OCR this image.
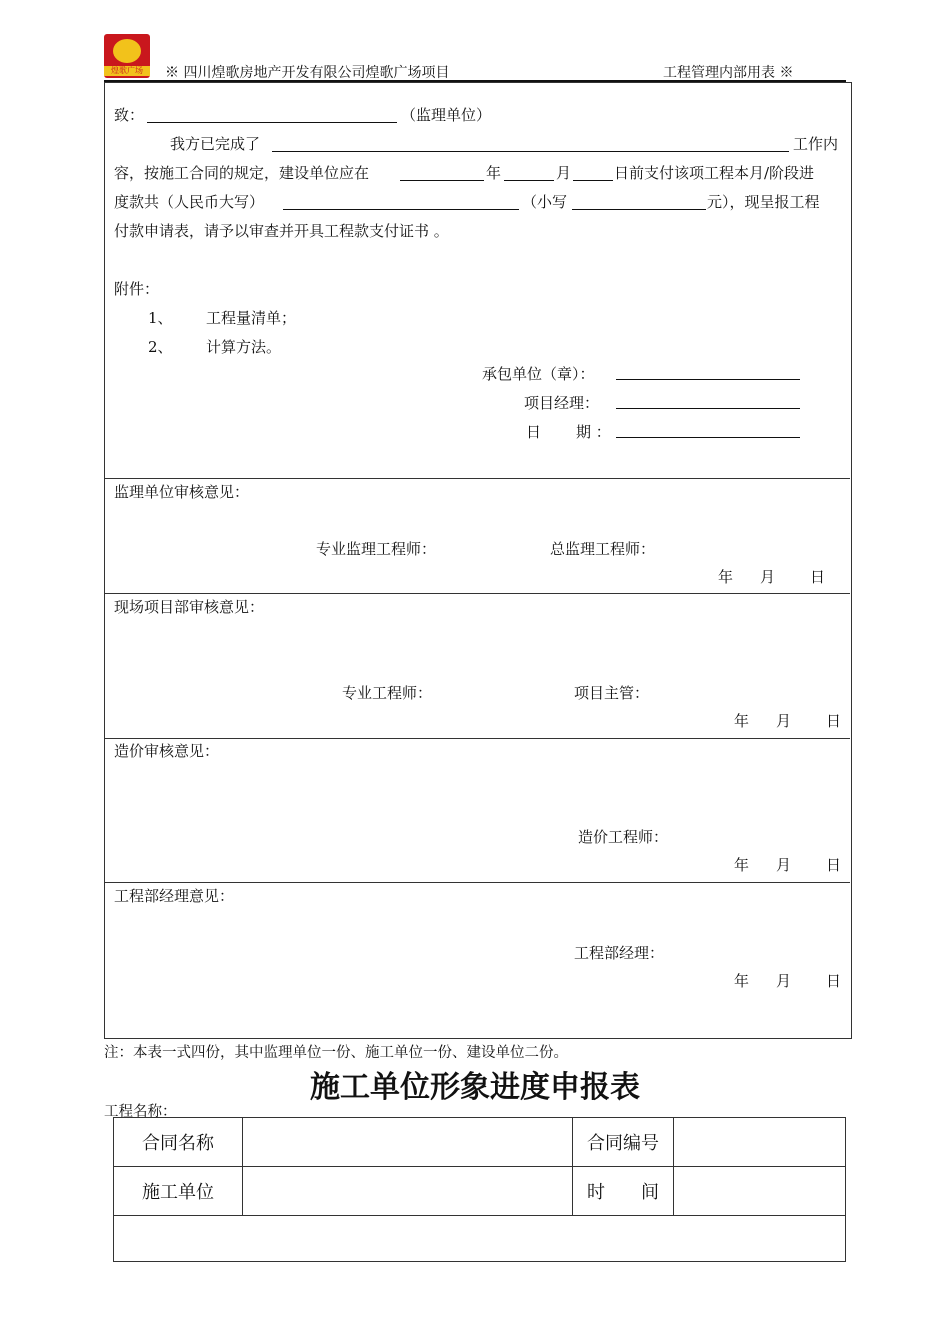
煌歌广场	※ 四川煌歌房地产开发有限公司煌歌广场项目	工程管理内部用表 ※
致：	（监理单位）
我方已完成了	工作内
容，按施工合同的规定，建设单位应在	年	月	日前支付该项工程本月/阶段进
度款共（人民币大写）	（小写	元），现呈报工程
付款申请表，请予以审查并开具工程款支付证书 。
附件：
1、 工程量清单；
2、 计算方法。
承包单位（章）：
项目经理：
日 期 ：
监理单位审核意见：
专业监理工程师：	总监理工程师：
年 月 日
现场项目部审核意见：
专业工程师：	项目主管：
年 月 日
造价审核意见：
造价工程师：
年 月 日
工程部经理意见：
工程部经理：
年 月 日
注：本表一式四份，其中监理单位一份、施工单位一份、建设单位二份。
施工单位形象进度申报表
工程名称：
合同名称		合同编号	
施工单位		时　　间	
